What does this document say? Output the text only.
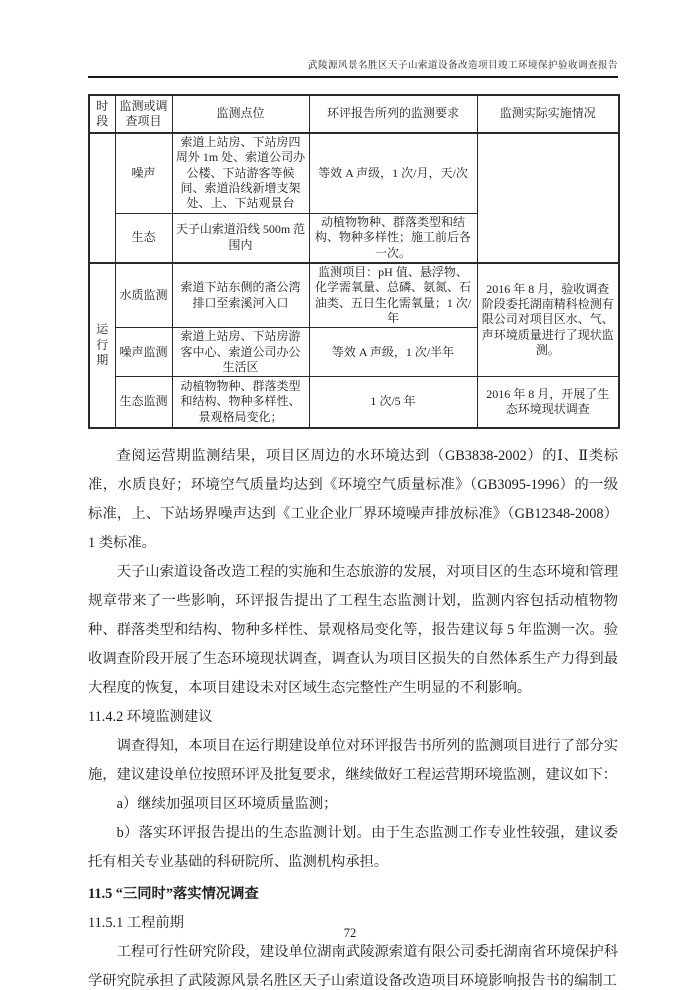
武陵源风景名胜区天子山索道设备改造项目竣工环境保护验收调查报告
时段	监测或调查项目	监测点位	环评报告所列的监测要求	监测实际实施情况
	噪声	索道上站房、下站房四周外 1m 处、索道公司办公楼、下站游客等候间、索道沿线新增支架处、上、下站观景台	等效 A 声级，1 次/月，天/次	
	生态	天子山索道沿线 500m 范围内	动植物物种、群落类型和结构、物种多样性；施工前后各一次。	
运行期	水质监测	索道下站东侧的斋公湾排口至索溪河入口	监测项目：pH 值、悬浮物、化学需氧量、总磷、氨氮、石油类、五日生化需氧量；1 次/年	2016 年 8 月，验收调查阶段委托湖南精科检测有限公司对项目区水、气、声环境质量进行了现状监测。
	噪声监测	索道上站房、下站房游客中心、索道公司办公生活区	等效 A 声级，1 次/半年	
	生态监测	动植物物种、群落类型和结构、物种多样性、景观格局变化；	1 次/5 年	2016 年 8 月，开展了生态环境现状调查

查阅运营期监测结果，项目区周边的水环境达到（GB3838-2002）的Ⅰ、Ⅱ类标准，水质良好；环境空气质量均达到《环境空气质量标准》（GB3095-1996）的一级标准，上、下站场界噪声达到《工业企业厂界环境噪声排放标准》（GB12348-2008）1 类标准。

天子山索道设备改造工程的实施和生态旅游的发展，对项目区的生态环境和管理规章带来了一些影响，环评报告提出了工程生态监测计划，监测内容包括动植物物种、群落类型和结构、物种多样性、景观格局变化等，报告建议每 5 年监测一次。验收调查阶段开展了生态环境现状调查，调查认为项目区损失的自然体系生产力得到最大程度的恢复，本项目建设未对区域生态完整性产生明显的不利影响。

11.4.2 环境监测建议

调查得知，本项目在运行期建设单位对环评报告书所列的监测项目进行了部分实施，建议建设单位按照环评及批复要求，继续做好工程运营期环境监测，建议如下：

a）继续加强项目区环境质量监测；

b）落实环评报告提出的生态监测计划。由于生态监测工作专业性较强，建议委托有相关专业基础的科研院所、监测机构承担。

11.5 “三同时”落实情况调查

11.5.1 工程前期

工程可行性研究阶段，建设单位湖南武陵源索道有限公司委托湖南省环境保护科学研究院承担了武陵源风景名胜区天子山索道设备改造项目环境影响报告书的编制工

72
